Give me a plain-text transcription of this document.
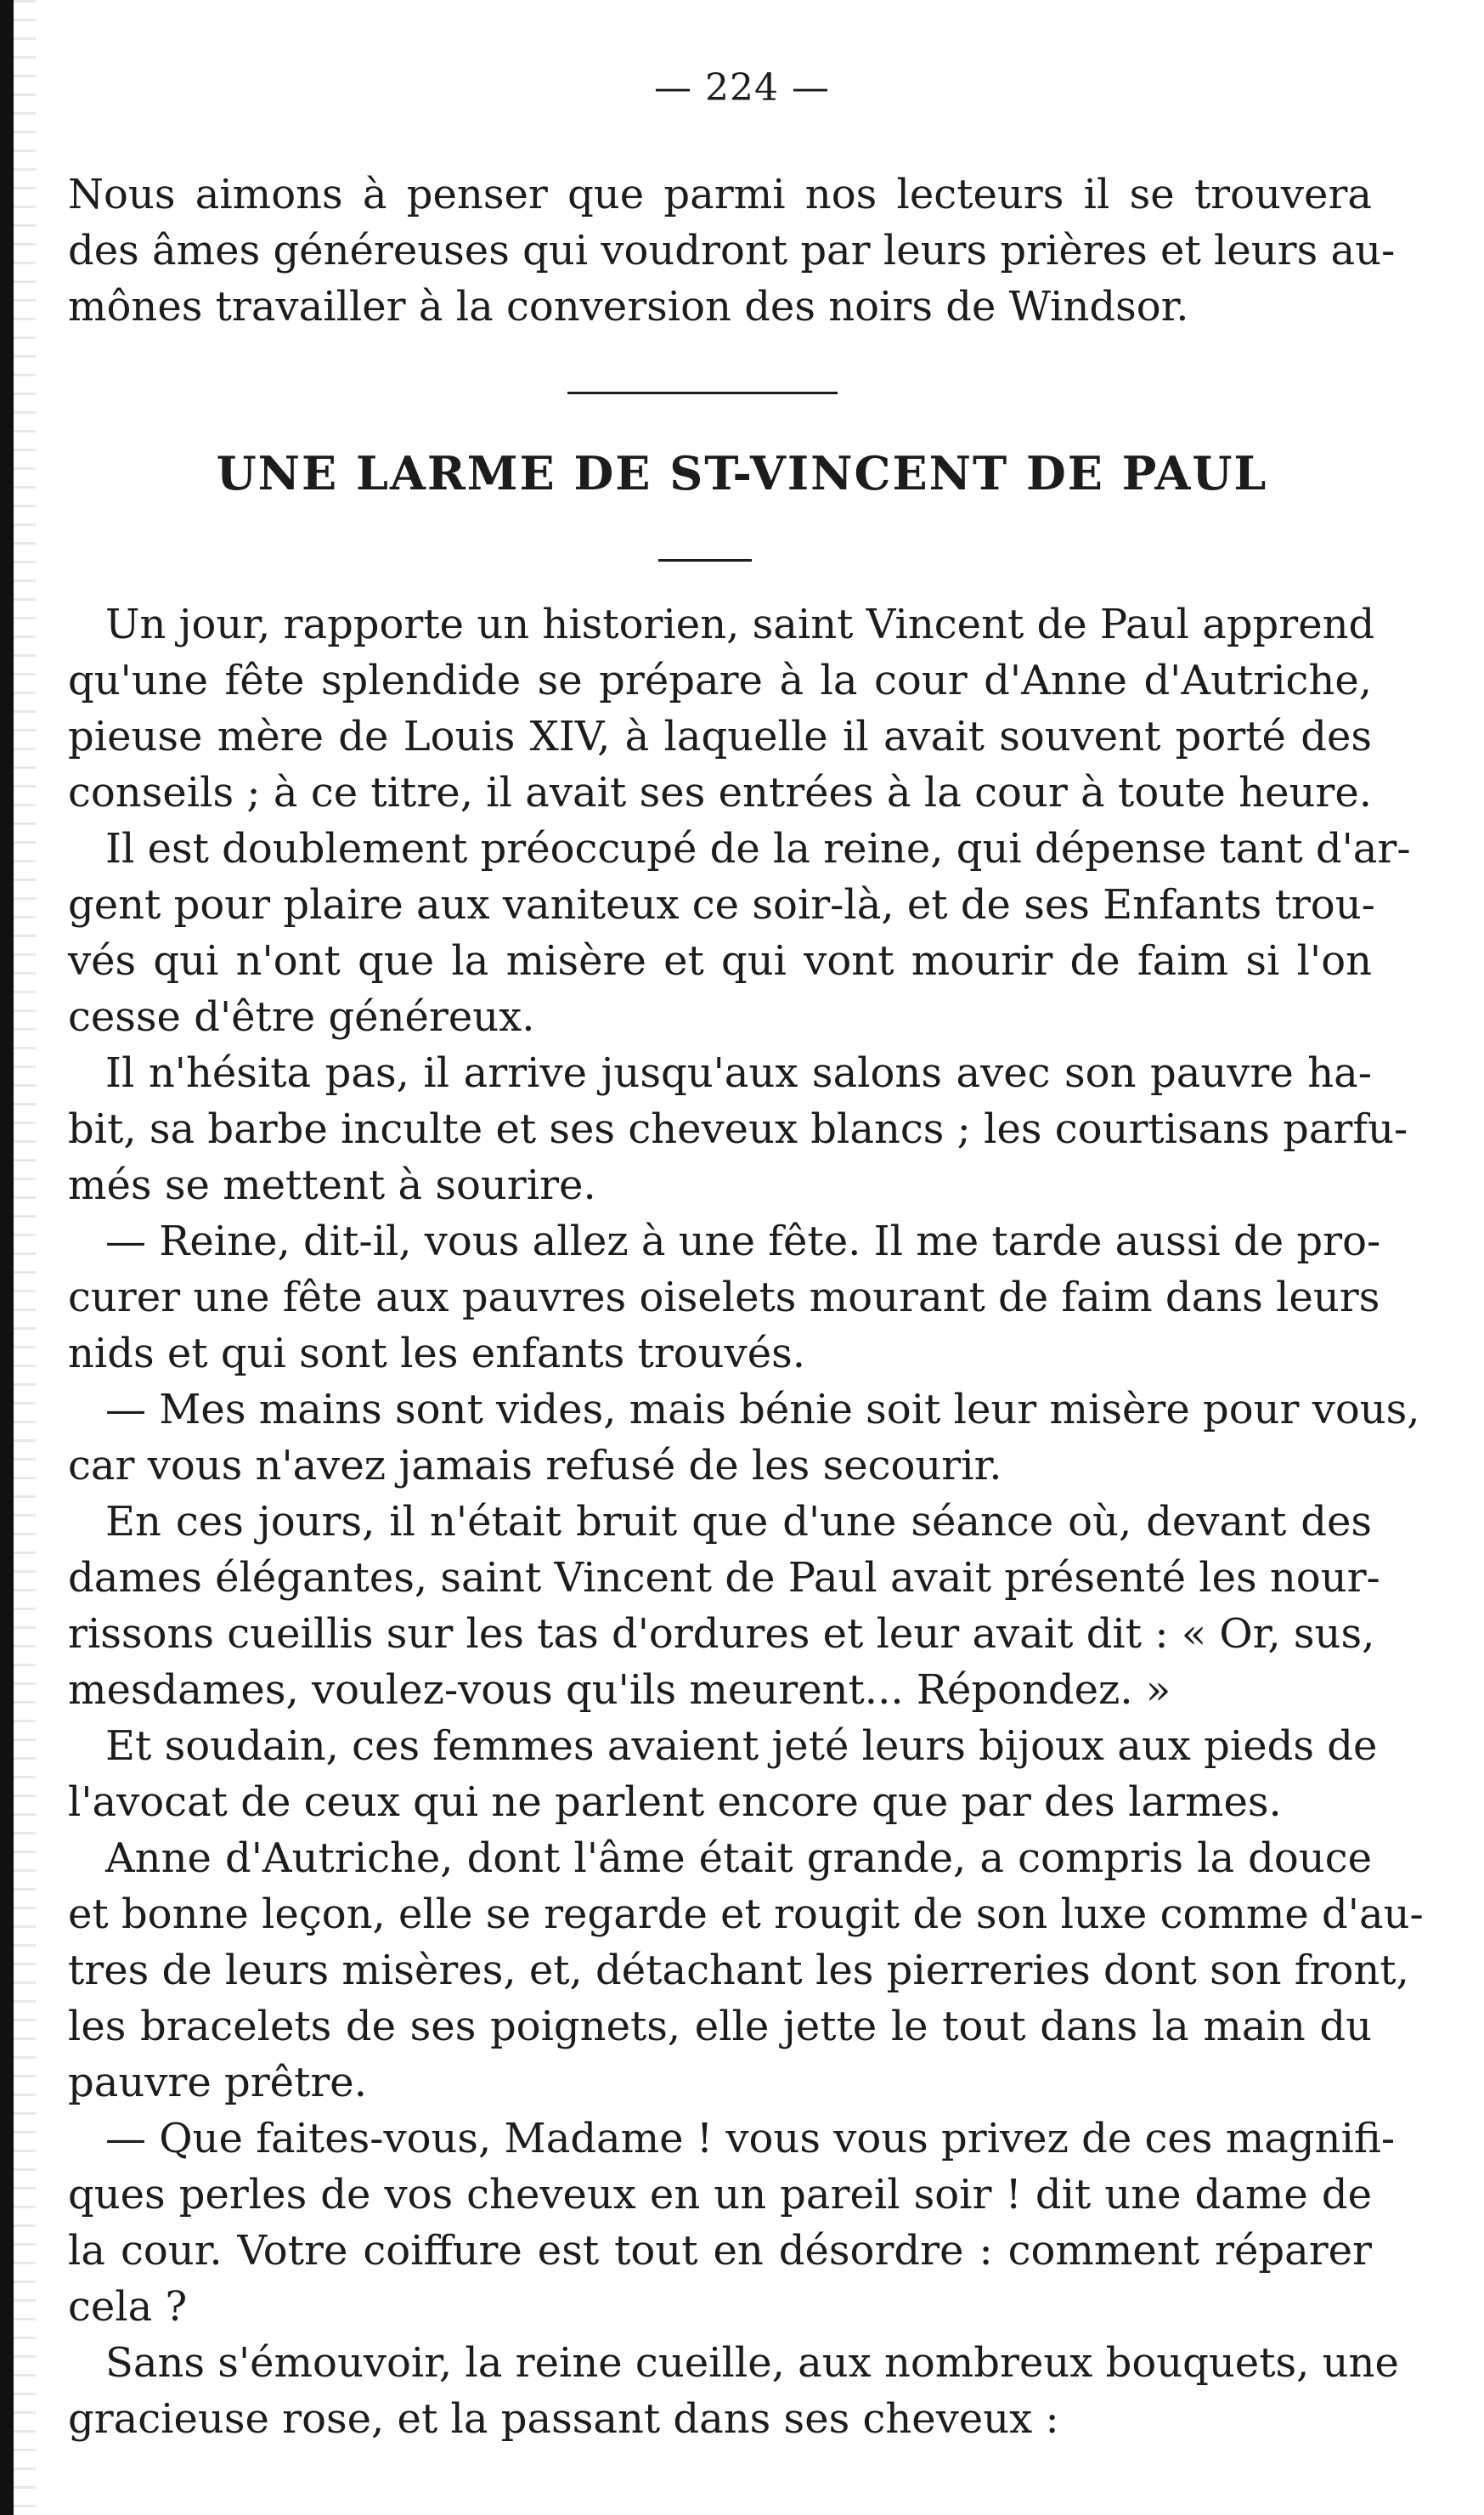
— 224 —
Nous aimons à penser que parmi nos lecteurs il se trouvera
des âmes généreuses qui voudront par leurs prières et leurs au-
mônes travailler à la conversion des noirs de Windsor.
UNE LARME DE ST-VINCENT DE PAUL
Un jour, rapporte un historien, saint Vincent de Paul apprend
qu'une fête splendide se prépare à la cour d'Anne d'Autriche,
pieuse mère de Louis XIV, à laquelle il avait souvent porté des
conseils ; à ce titre, il avait ses entrées à la cour à toute heure.
Il est doublement préoccupé de la reine, qui dépense tant d'ar-
gent pour plaire aux vaniteux ce soir-là, et de ses Enfants trou-
vés qui n'ont que la misère et qui vont mourir de faim si l'on
cesse d'être généreux.
Il n'hésita pas, il arrive jusqu'aux salons avec son pauvre ha-
bit, sa barbe inculte et ses cheveux blancs ; les courtisans parfu-
més se mettent à sourire.
— Reine, dit-il, vous allez à une fête. Il me tarde aussi de pro-
curer une fête aux pauvres oiselets mourant de faim dans leurs
nids et qui sont les enfants trouvés.
— Mes mains sont vides, mais bénie soit leur misère pour vous,
car vous n'avez jamais refusé de les secourir.
En ces jours, il n'était bruit que d'une séance où, devant des
dames élégantes, saint Vincent de Paul avait présenté les nour-
rissons cueillis sur les tas d'ordures et leur avait dit : « Or, sus,
mesdames, voulez-vous qu'ils meurent... Répondez. »
Et soudain, ces femmes avaient jeté leurs bijoux aux pieds de
l'avocat de ceux qui ne parlent encore que par des larmes.
Anne d'Autriche, dont l'âme était grande, a compris la douce
et bonne leçon, elle se regarde et rougit de son luxe comme d'au-
tres de leurs misères, et, détachant les pierreries dont son front,
les bracelets de ses poignets, elle jette le tout dans la main du
pauvre prêtre.
— Que faites-vous, Madame ! vous vous privez de ces magnifi-
ques perles de vos cheveux en un pareil soir ! dit une dame de
la cour. Votre coiffure est tout en désordre : comment réparer
cela ?
Sans s'émouvoir, la reine cueille, aux nombreux bouquets, une
gracieuse rose, et la passant dans ses cheveux :
